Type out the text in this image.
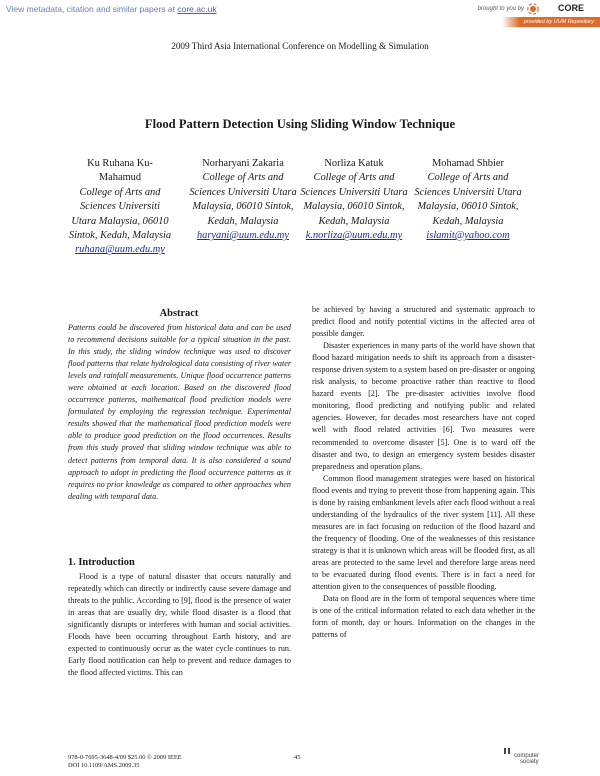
View metadata, citation and similar papers at core.ac.uk	brought to you by	CORE
provided by UUM Repository
2009 Third Asia International Conference on Modelling & Simulation
Flood Pattern Detection Using Sliding Window Technique
Ku Ruhana Ku-Mahamud
College of Arts and Sciences Universiti Utara Malaysia, 06010 Sintok, Kedah, Malaysia
ruhana@uum.edu.my
Norharyani Zakaria
College of Arts and Sciences Universiti Utara Malaysia, 06010 Sintok, Kedah, Malaysia
haryani@uum.edu.my
Norliza Katuk
College of Arts and Sciences Universiti Utara Malaysia, 06010 Sintok, Kedah, Malaysia
k.norliza@uum.edu.my
Mohamad Shbier
College of Arts and Sciences Universiti Utara Malaysia, 06010 Sintok, Kedah, Malaysia
islamit@yahoo.com
Abstract

Patterns could be discovered from historical data and can be used to recommend decisions suitable for a typical situation in the past. In this study, the sliding window technique was used to discover flood patterns that relate hydrological data consisting of river water levels and rainfall measurements. Unique flood occurrence patterns were obtained at each location. Based on the discovered flood occurrence patterns, mathematical flood prediction models were formulated by employing the regression technique. Experimental results showed that the mathematical flood prediction models were able to produce good prediction on the flood occurrences. Results from this study proved that sliding window technique was able to detect patterns from temporal data. It is also considered a sound approach to adopt in predicting the flood occurrence patterns as it requires no prior knowledge as compared to other approaches when dealing with temporal data.

1. Introduction

Flood is a type of natural disaster that occurs naturally and repeatedly which can directly or indirectly cause severe damage and threats to the public. According to [9], flood is the presence of water in areas that are usually dry, while flood disaster is a flood that significantly disrupts or interferes with human and social activities. Floods have been occurring throughout Earth history, and are expected to continuously occur as the water cycle continues to run. Early flood notification can help to prevent and reduce damages to the flood affected victims. This can

be achieved by having a structured and systematic approach to predict flood and notify potential victims in the affected area of possible danger.

Disaster experiences in many parts of the world have shown that flood hazard mitigation needs to shift its approach from a disaster-response driven system to a system based on pre-disaster or ongoing risk analysis, to become proactive rather than reactive to flood hazard events [2]. The pre-disaster activities involve flood monitoring, flood predicting and notifying public and related agencies. However, for decades most researchers have not coped well with flood related activities [6]. Two measures were recommended to overcome disaster [5]. One is to ward off the disaster and two, to design an emergency system besides disaster preparedness and operation plans.

Common flood management strategies were based on historical flood events and trying to prevent those from happening again. This is done by raising embankment levels after each flood without a real understanding of the hydraulics of the river system [11]. All these measures are in fact focusing on reduction of the flood hazard and the frequency of flooding. One of the weaknesses of this resistance strategy is that it is unknown which areas will be flooded first, as all areas are protected to the same level and therefore large areas need to be evacuated during flood events. There is in fact a need for attention given to the consequences of possible flooding.

Data on flood are in the form of temporal sequences where time is one of the critical information related to each data whether in the form of month, day or hours. Information on the changes in the patterns of

978-0-7695-3648-4/09 $25.00 © 2009 IEEE
DOI 10.1109/AMS.2009.35
45	computer
society
